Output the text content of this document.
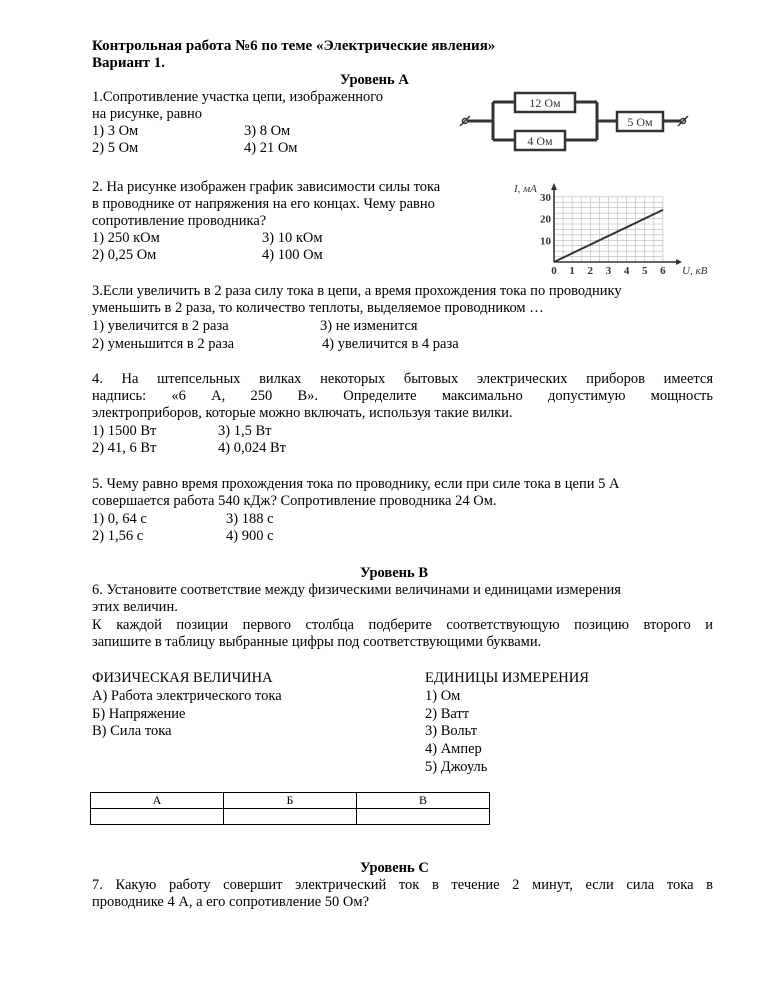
Контрольная работа №6 по теме «Электрические явления»
Вариант 1.
Уровень А
1.Сопротивление участка цепи, изображенного
на рисунке, равно
1) 3 Ом	3) 8 Ом
2) 5 Ом	4) 21 Ом
12 Ом
4 Ом
5 Ом
2. На рисунке изображен график зависимости силы тока
в проводнике от напряжения на его концах. Чему равно
сопротивление проводника?
1) 250 кОм	3) 10 кОм
2) 0,25 Ом	4) 100 Ом
0 1 2 3 4 5 6
10
20
30
I, мА
U, кВ
3.Если увеличить в 2 раза силу тока в цепи, а время прохождения тока по проводнику
уменьшить в 2 раза, то количество теплоты, выделяемое проводником …
1) увеличится в 2 раза	3) не изменится
2) уменьшится в 2 раза	4) увеличится в 4 раза
4. На штепсельных вилках некоторых бытовых электрических приборов имеется
надпись: «6 А, 250 В». Определите максимально допустимую мощность
электроприборов, которые можно включать, используя такие вилки.
1) 1500 Вт	3) 1,5 Вт
2) 41, 6 Вт	4) 0,024 Вт
5. Чему равно время прохождения тока по проводнику, если при силе тока в цепи 5 А
совершается работа 540 кДж? Сопротивление проводника 24 Ом.
1) 0, 64 с	3) 188 с
2) 1,56 с	4) 900 с
Уровень В
6. Установите соответствие между физическими величинами и единицами измерения
этих величин.
К каждой позиции первого столбца подберите соответствующую позицию второго и
запишите в таблицу выбранные цифры под соответствующими буквами.
ФИЗИЧЕСКАЯ ВЕЛИЧИНА
А) Работа электрического тока
Б) Напряжение
В) Сила тока
ЕДИНИЦЫ ИЗМЕРЕНИЯ
1) Ом
2) Ватт
3) Вольт
4) Ампер
5) Джоуль
А	Б	В

Уровень С
7. Какую работу совершит электрический ток в течение 2 минут, если сила тока в
проводнике 4 А, а его сопротивление 50 Ом?
